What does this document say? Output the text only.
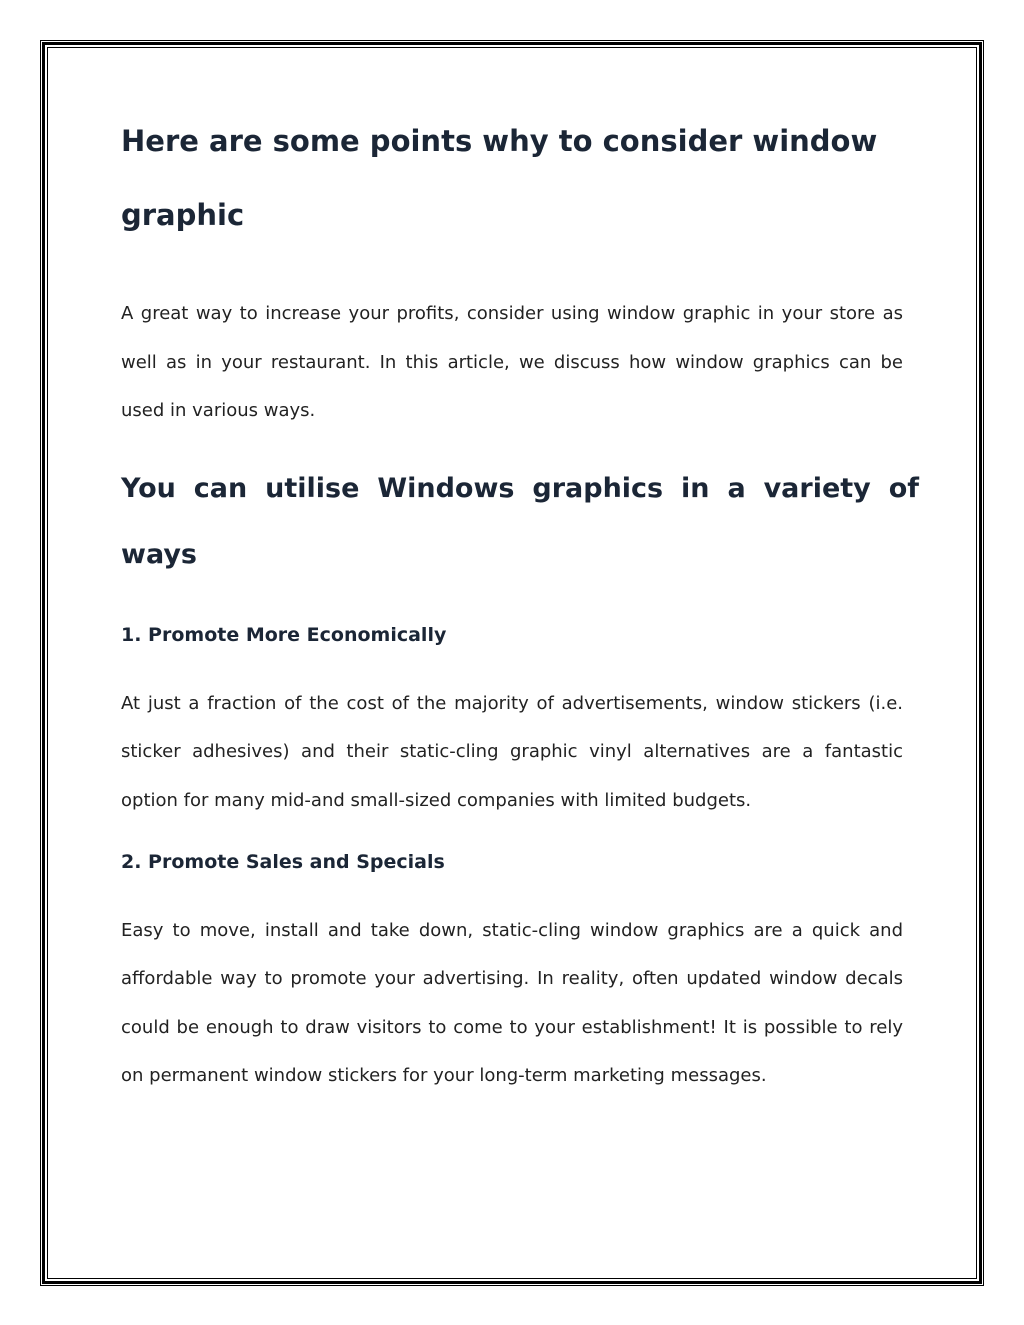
Here are some points why to consider window graphic

A great way to increase your profits, consider using window graphic in your store as well as in your restaurant. In this article, we discuss how window graphics can be used in various ways.

You can utilise Windows graphics in a variety of ways
1. Promote More Economically

At just a fraction of the cost of the majority of advertisements, window stickers (i.e. sticker adhesives) and their static-cling graphic vinyl alternatives are a fantastic option for many mid-and small-sized companies with limited budgets.

2. Promote Sales and Specials

Easy to move, install and take down, static-cling window graphics are a quick and affordable way to promote your advertising. In reality, often updated window decals could be enough to draw visitors to come to your establishment! It is possible to rely on permanent window stickers for your long-term marketing messages.
